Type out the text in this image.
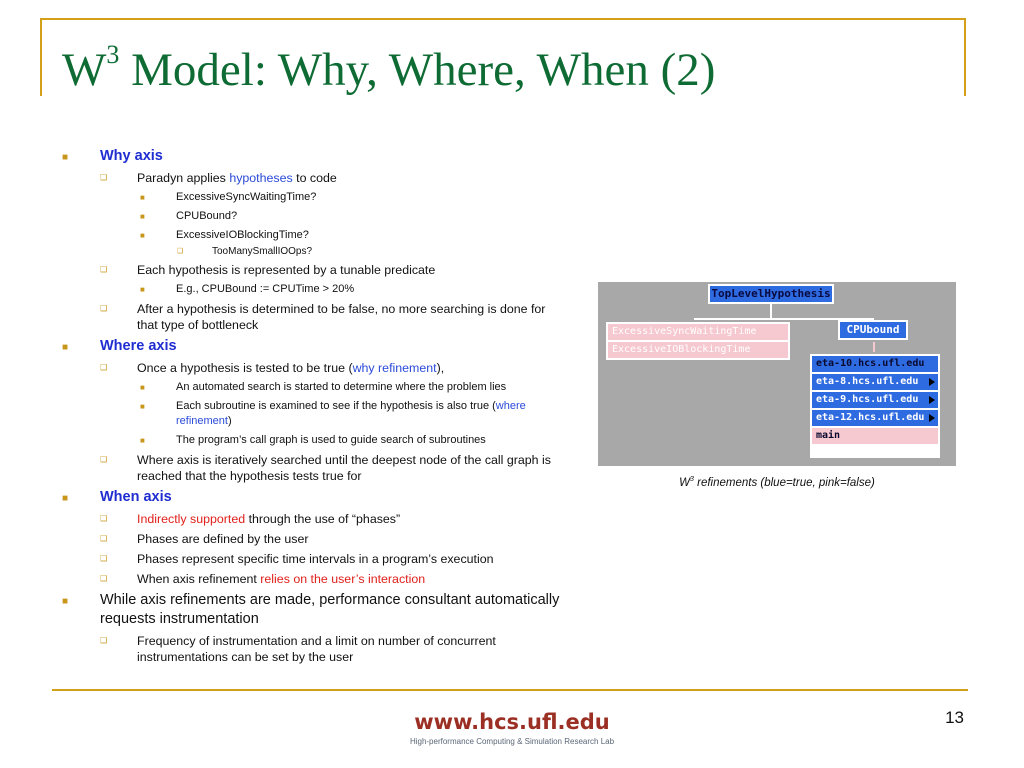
$W^3$ Model: Why, Where, When (2)
■ Why axis
❑ Paradyn applies hypotheses to code
■	ExcessiveSyncWaitingTime?
■	CPUBound?
■	ExcessiveIOBlockingTime?
❑	TooManySmallIOOps?
❑ Each hypothesis is represented by a tunable predicate
■	E.g., CPUBound := CPUTime > 20%
❑ After a hypothesis is determined to be false, no more searching is done for that type of bottleneck
■ Where axis
❑ Once a hypothesis is tested to be true (why refinement),
■	An automated search is started to determine where the problem lies
■	Each subroutine is examined to see if the hypothesis is also true (where refinement)
■	The program’s call graph is used to guide search of subroutines
❑ Where axis is iteratively searched until the deepest node of the call graph is reached that the hypothesis tests true for
■ When axis
❑ Indirectly supported through the use of “phases”
❑ Phases are defined by the user
❑ Phases represent specific time intervals in a program’s execution
❑ When axis refinement relies on the user’s interaction
■ While axis refinements are made, performance consultant automatically requests instrumentation
❑ Frequency of instrumentation and a limit on number of concurrent instrumentations can be set by the user
TopLevelHypothesis
ExcessiveSyncWaitingTime
ExcessiveIOBlockingTime
CPUbound
eta-10.hcs.ufl.edu
eta-8.hcs.ufl.edu
eta-9.hcs.ufl.edu
eta-12.hcs.ufl.edu
main
$W^3$ refinements (blue=true, pink=false)
www.hcs.ufl.edu
High-performance Computing & Simulation Research Lab
13
